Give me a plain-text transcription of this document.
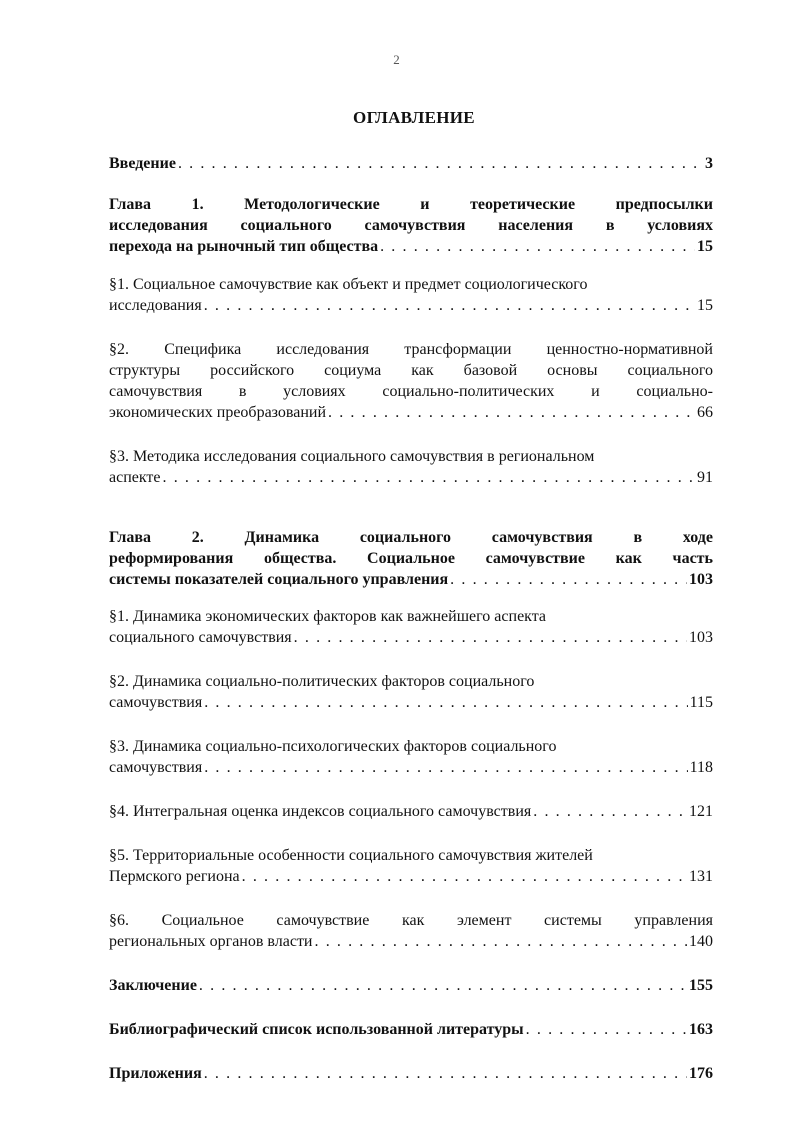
2
ОГЛАВЛЕНИЕ
Введение . . .	3
Глава 1. Методологические и теоретические предпосылки
исследования социального самочувствия населения в условиях
перехода на рыночный тип общества . . .	15
§1. Социальное самочувствие как объект и предмет социологического
исследования . . .	15
§2. Специфика исследования трансформации ценностно-нормативной
структуры российского социума как базовой основы социального
самочувствия в условиях социально-политических и социально-
экономических преобразований . . .	66
§3. Методика исследования социального самочувствия в региональном
аспекте . . .	91
Глава 2. Динамика социального самочувствия в ходе
реформирования общества. Социальное самочувствие как часть
системы показателей социального управления . . .	103
§1. Динамика экономических факторов как важнейшего аспекта
социального самочувствия . . .	103
§2. Динамика социально-политических факторов социального
самочувствия . . .	115
§3. Динамика социально-психологических факторов социального
самочувствия . . .	118
§4. Интегральная оценка индексов социального самочувствия . . .	121
§5. Территориальные особенности социального самочувствия жителей
Пермского региона . . .	131
§6. Социальное самочувствие как элемент системы управления
региональных органов власти . . .	140
Заключение . . .	155
Библиографический список использованной литературы . . .	163
Приложения . . .	176
